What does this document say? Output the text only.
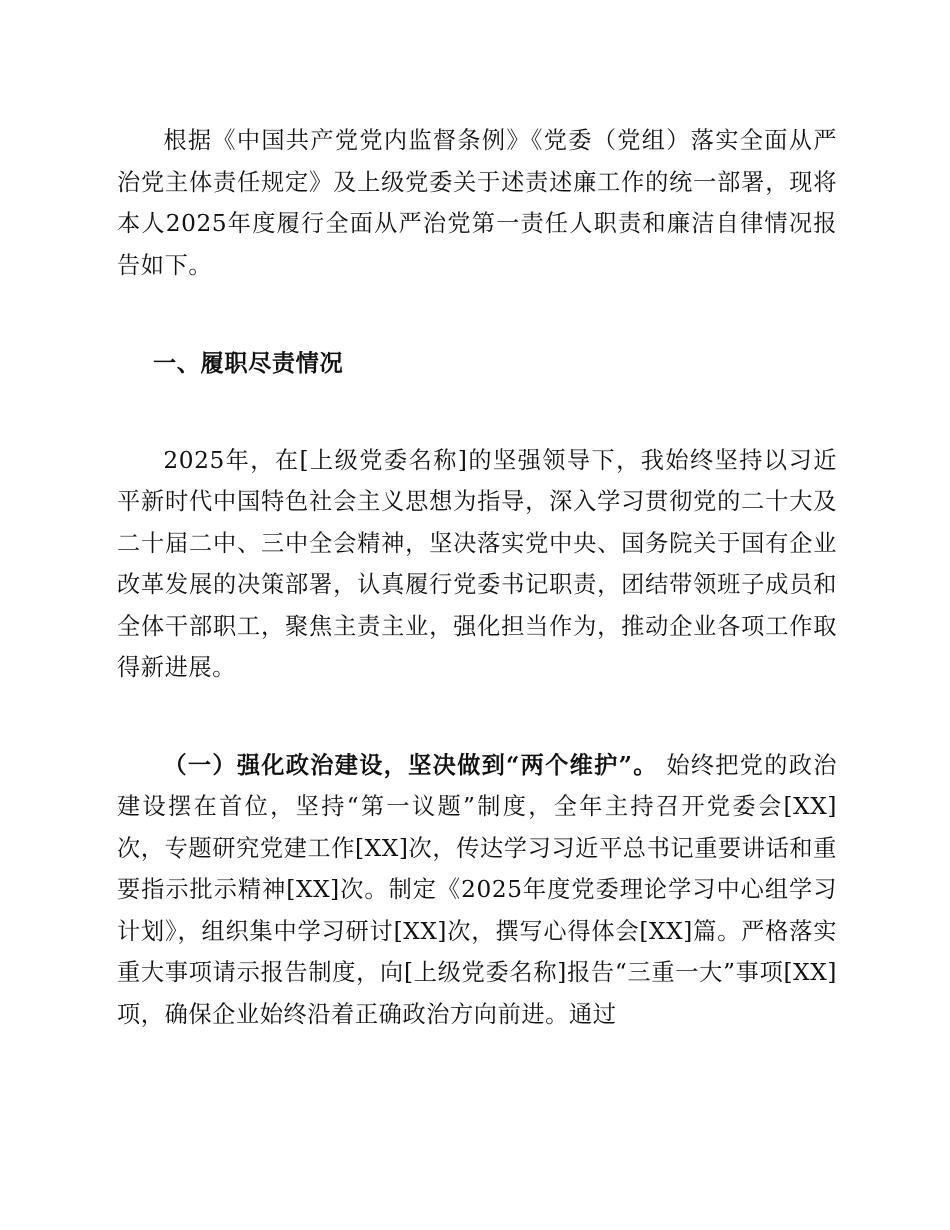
根据《中国共产党党内监督条例》《党委（党组）落实全面从严治党主体责任规定》及上级党委关于述责述廉工作的统一部署，现将本人2025年度履行全面从严治党第一责任人职责和廉洁自律情况报告如下。

一、履职尽责情况

2025年，在[上级党委名称]的坚强领导下，我始终坚持以习近平新时代中国特色社会主义思想为指导，深入学习贯彻党的二十大及二十届二中、三中全会精神，坚决落实党中央、国务院关于国有企业改革发展的决策部署，认真履行党委书记职责，团结带领班子成员和全体干部职工，聚焦主责主业，强化担当作为，推动企业各项工作取得新进展。

（一）强化政治建设，坚决做到“两个维护”。 始终把党的政治建设摆在首位，坚持“第一议题”制度，全年主持召开党委会[XX]次，专题研究党建工作[XX]次，传达学习习近平总书记重要讲话和重要指示批示精神[XX]次。制定《2025年度党委理论学习中心组学习计划》，组织集中学习研讨[XX]次，撰写心得体会[XX]篇。严格落实重大事项请示报告制度，向[上级党委名称]报告“三重一大”事项[XX]项，确保企业始终沿着正确政治方向前进。通过
